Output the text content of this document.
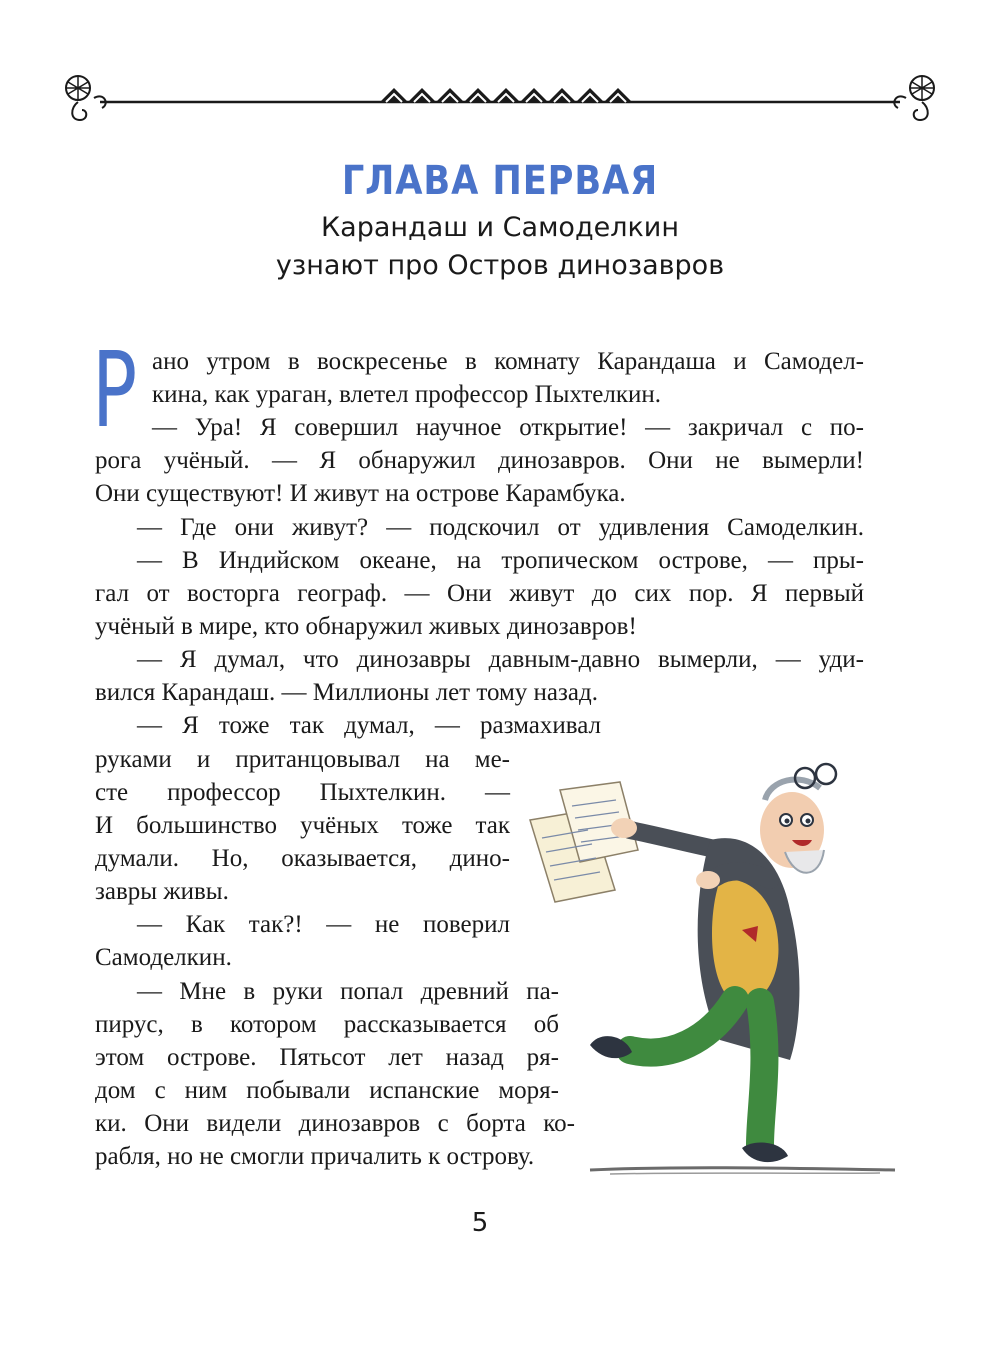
ГЛАВА ПЕРВАЯ
Карандаш и Самоделкин
узнают про Остров динозавров
Р ано утром в воскресенье в комнату Карандаша и Самодел-
кина, как ураган, влетел профессор Пыхтелкин.
— Ура! Я совершил научное открытие! — закричал с по-
рога учёный. — Я обнаружил динозавров. Они не вымерли!
Они существуют! И живут на острове Карамбука.
— Где они живут? — подскочил от удивления Самоделкин.
— В Индийском океане, на тропическом острове, — пры-
гал от восторга географ. — Они живут до сих пор. Я первый
учёный в мире, кто обнаружил живых динозавров!
— Я думал, что динозавры давным-давно вымерли, — уди-
вился Карандаш. — Миллионы лет тому назад.
— Я тоже так думал, — размахивал
руками и пританцовывал на ме-
сте профессор Пыхтелкин. —
И большинство учёных тоже так
думали. Но, оказывается, дино-
завры живы.
— Как так?! — не поверил
Самоделкин.
— Мне в руки попал древний па-
пирус, в котором рассказывается об
этом острове. Пятьсот лет назад ря-
дом с ним побывали испанские моря-
ки. Они видели динозавров с борта ко-
рабля, но не смогли причалить к острову.
5
